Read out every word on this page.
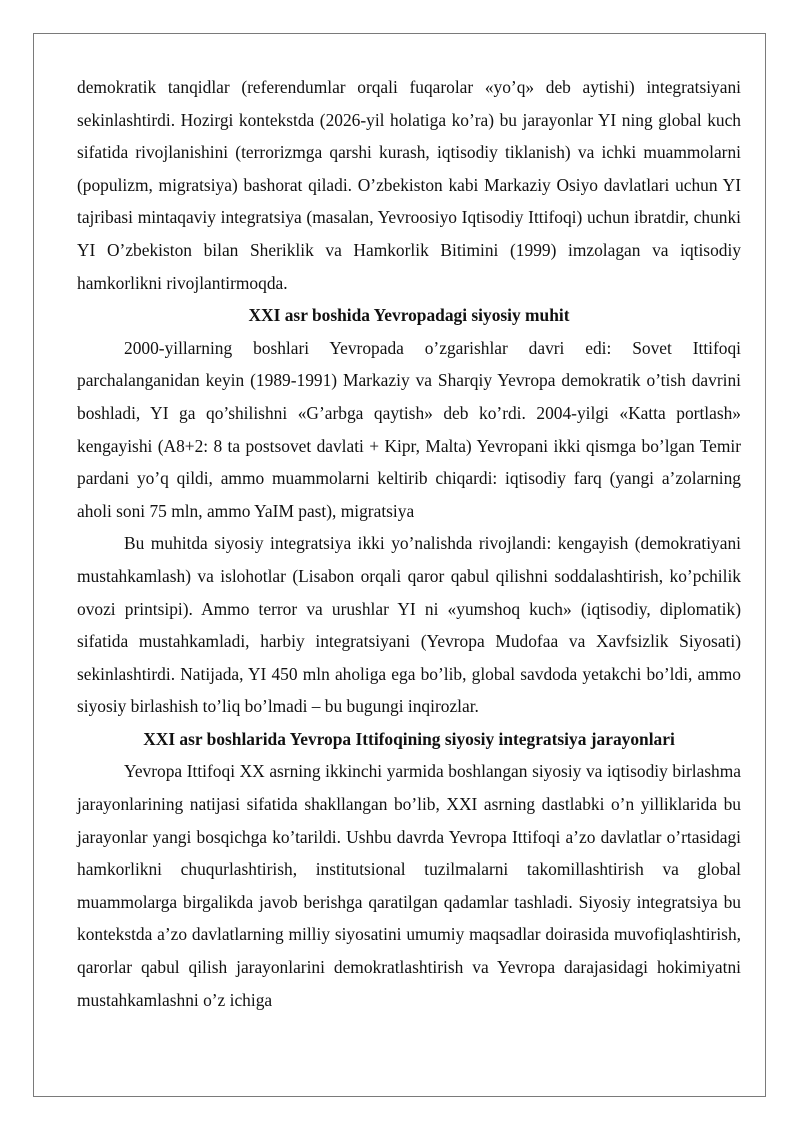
demokratik tanqidlar (referendumlar orqali fuqarolar «yo’q» deb aytishi) integratsiyani sekinlashtirdi. Hozirgi kontekstda (2026-yil holatiga ko’ra) bu jarayonlar YI ning global kuch sifatida rivojlanishini (terrorizmga qarshi kurash, iqtisodiy tiklanish) va ichki muammolarni (populizm, migratsiya) bashorat qiladi. O’zbekiston kabi Markaziy Osiyo davlatlari uchun YI tajribasi mintaqaviy integratsiya (masalan, Yevroosiyo Iqtisodiy Ittifoqi) uchun ibratdir, chunki YI O’zbekiston bilan Sheriklik va Hamkorlik Bitimini (1999) imzolagan va iqtisodiy hamkorlikni rivojlantirmoqda.

XXI asr boshida Yevropadagi siyosiy muhit

2000-yillarning boshlari Yevropada o’zgarishlar davri edi: Sovet Ittifoqi parchalanganidan keyin (1989-1991) Markaziy va Sharqiy Yevropa demokratik o’tish davrini boshladi, YI ga qo’shilishni «G’arbga qaytish» deb ko’rdi. 2004-yilgi «Katta portlash» kengayishi (A8+2: 8 ta postsovet davlati + Kipr, Malta) Yevropani ikki qismga bo’lgan Temir pardani yo’q qildi, ammo muammolarni keltirib chiqardi: iqtisodiy farq (yangi a’zolarning aholi soni 75 mln, ammo YaIM past), migratsiya

Bu muhitda siyosiy integratsiya ikki yo’nalishda rivojlandi: kengayish (demokratiyani mustahkamlash) va islohotlar (Lisabon orqali qaror qabul qilishni soddalashtirish, ko’pchilik ovozi printsipi). Ammo terror va urushlar YI ni «yumshoq kuch» (iqtisodiy, diplomatik) sifatida mustahkamladi, harbiy integratsiyani (Yevropa Mudofaa va Xavfsizlik Siyosati) sekinlashtirdi. Natijada, YI 450 mln aholiga ega bo’lib, global savdoda yetakchi bo’ldi, ammo siyosiy birlashish to’liq bo’lmadi – bu bugungi inqirozlar.

XXI asr boshlarida Yevropa Ittifoqining siyosiy integratsiya jarayonlari

Yevropa Ittifoqi XX asrning ikkinchi yarmida boshlangan siyosiy va iqtisodiy birlashma jarayonlarining natijasi sifatida shakllangan bo’lib, XXI asrning dastlabki o’n yilliklarida bu jarayonlar yangi bosqichga ko’tarildi. Ushbu davrda Yevropa Ittifoqi a’zo davlatlar o’rtasidagi hamkorlikni chuqurlashtirish, institutsional tuzilmalarni takomillashtirish va global muammolarga birgalikda javob berishga qaratilgan qadamlar tashladi. Siyosiy integratsiya bu kontekstda a’zo davlatlarning milliy siyosatini umumiy maqsadlar doirasida muvofiqlashtirish, qarorlar qabul qilish jarayonlarini demokratlashtirish va Yevropa darajasidagi hokimiyatni mustahkamlashni o’z ichiga
